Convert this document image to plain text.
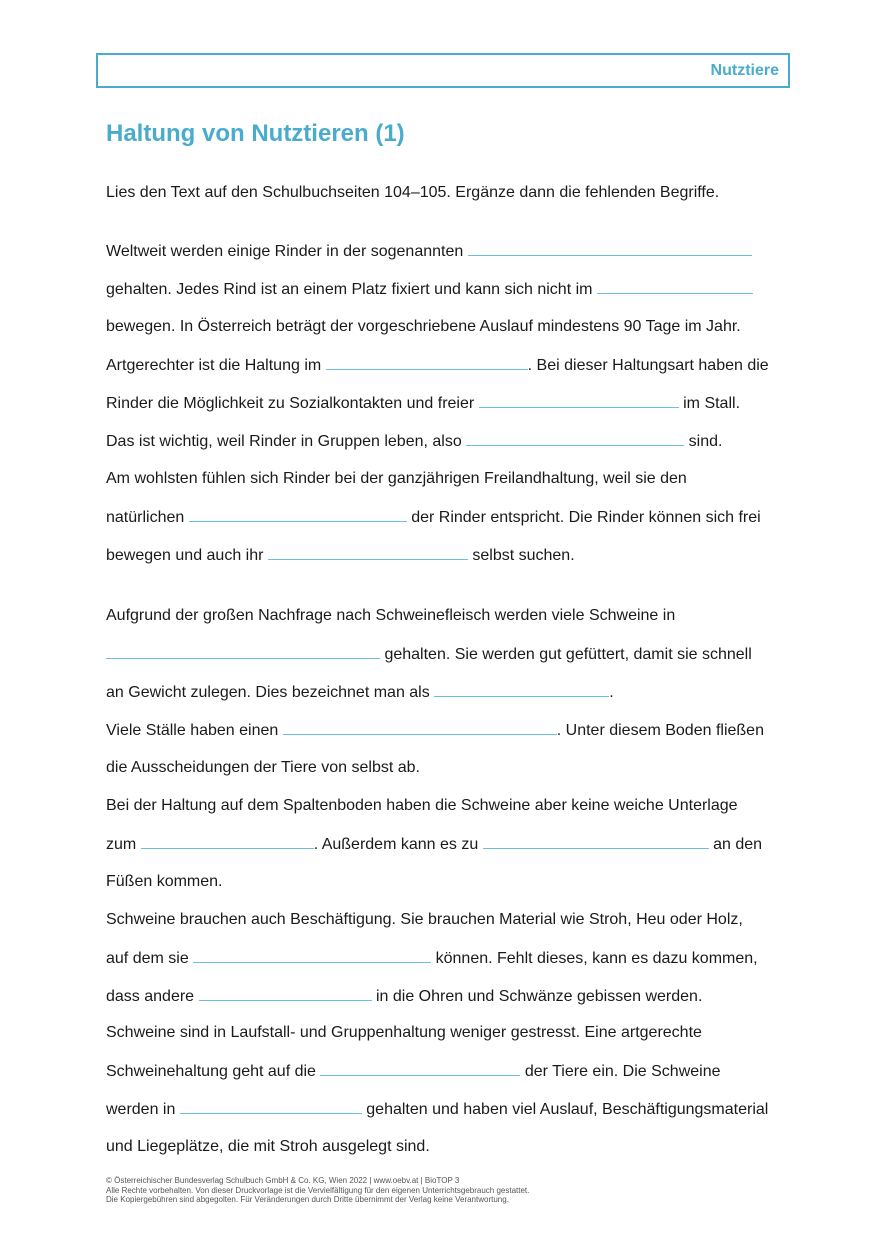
Nutztiere
Haltung von Nutztieren (1)

Lies den Text auf den Schulbuchseiten 104–105. Ergänze dann die fehlenden Begriffe.

Weltweit werden einige Rinder in der sogenannten

gehalten. Jedes Rind ist an einem Platz fixiert und kann sich nicht im

bewegen. In Österreich beträgt der vorgeschriebene Auslauf mindestens 90 Tage im Jahr.

Artgerechter ist die Haltung im	. Bei dieser Haltungsart haben die

Rinder die Möglichkeit zu Sozialkontakten und freier	im Stall.

Das ist wichtig, weil Rinder in Gruppen leben, also	sind.

Am wohlsten fühlen sich Rinder bei der ganzjährigen Freilandhaltung, weil sie den

natürlichen	der Rinder entspricht. Die Rinder können sich frei

bewegen und auch ihr	selbst suchen.

Aufgrund der großen Nachfrage nach Schweinefleisch werden viele Schweine in

gehalten. Sie werden gut gefüttert, damit sie schnell

an Gewicht zulegen. Dies bezeichnet man als	.

Viele Ställe haben einen	. Unter diesem Boden fließen

die Ausscheidungen der Tiere von selbst ab.

Bei der Haltung auf dem Spaltenboden haben die Schweine aber keine weiche Unterlage

zum	. Außerdem kann es zu	an den

Füßen kommen.

Schweine brauchen auch Beschäftigung. Sie brauchen Material wie Stroh, Heu oder Holz,

auf dem sie	können. Fehlt dieses, kann es dazu kommen,

dass andere	in die Ohren und Schwänze gebissen werden.

Schweine sind in Laufstall- und Gruppenhaltung weniger gestresst. Eine artgerechte

Schweinehaltung geht auf die	der Tiere ein. Die Schweine

werden in	gehalten und haben viel Auslauf, Beschäftigungsmaterial

und Liegeplätze, die mit Stroh ausgelegt sind.

© Österreichischer Bundesverlag Schulbuch GmbH & Co. KG, Wien 2022 | www.oebv.at | BioTOP 3
Alle Rechte vorbehalten. Von dieser Druckvorlage ist die Vervielfältigung für den eigenen Unterrichtsgebrauch gestattet.
Die Kopiergebühren sind abgegolten. Für Veränderungen durch Dritte übernimmt der Verlag keine Verantwortung.
